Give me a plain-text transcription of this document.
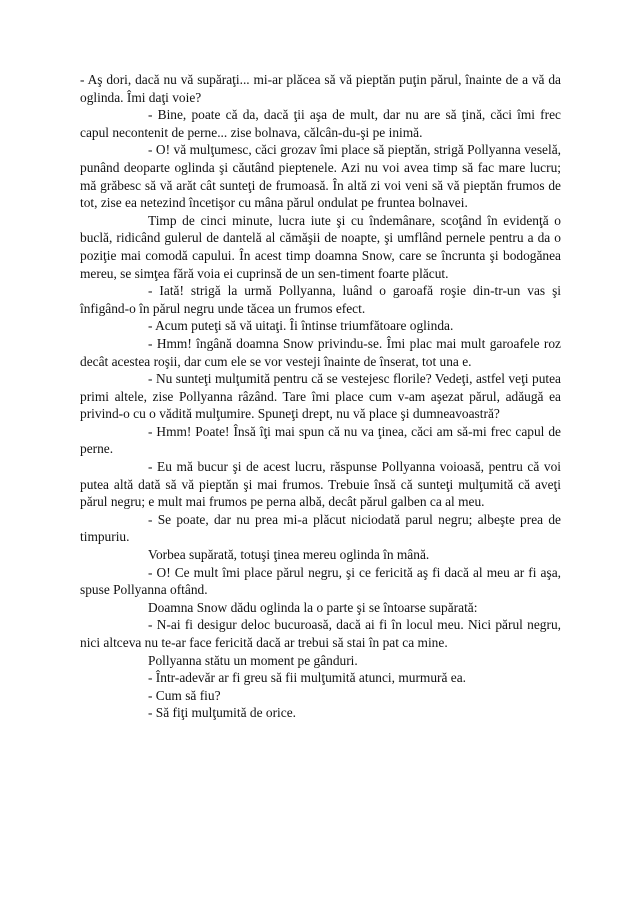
- Aş dori, dacă nu vă supăraţi... mi-ar plăcea să vă pieptăn puţin părul, înainte de a vă da oglinda. Îmi daţi voie?

- Bine, poate că da, dacă ţii aşa de mult, dar nu are să ţină, căci îmi frec capul necontenit de perne... zise bolnava, călcân-du-şi pe inimă.

- O! vă mulţumesc, căci grozav îmi place să pieptăn, strigă Pollyanna veselă, punând deoparte oglinda şi căutând pieptenele. Azi nu voi avea timp să fac mare lucru; mă grăbesc să vă arăt cât sunteţi de frumoasă. În altă zi voi veni să vă pieptăn frumos de tot, zise ea netezind încetişor cu mâna părul ondulat pe fruntea bolnavei.

Timp de cinci minute, lucra iute şi cu îndemânare, scoţând în evidenţă o buclă, ridicând gulerul de dantelă al cămăşii de noapte, şi umflând pernele pentru a da o poziţie mai comodă capului. În acest timp doamna Snow, care se încrunta şi bodogănea mereu, se simţea fără voia ei cuprinsă de un sen-timent foarte plăcut.

- Iată! strigă la urmă Pollyanna, luând o garoafă roşie din-tr-un vas şi înfigând-o în părul negru unde tăcea un frumos efect.

- Acum puteţi să vă uitaţi. Îi întinse triumfătoare oglinda.

- Hmm! îngână doamna Snow privindu-se. Îmi plac mai mult garoafele roz decât acestea roşii, dar cum ele se vor vesteji înainte de înserat, tot una e.

- Nu sunteţi mulţumită pentru că se vestejesc florile? Vedeţi, astfel veţi putea primi altele, zise Pollyanna râzând. Tare îmi place cum v-am aşezat părul, adăugă ea privind-o cu o vădită mulţumire. Spuneţi drept, nu vă place şi dumneavoastră?

- Hmm! Poate! Însă îţi mai spun că nu va ţinea, căci am să-mi frec capul de perne.

- Eu mă bucur şi de acest lucru, răspunse Pollyanna voioasă, pentru că voi putea altă dată să vă pieptăn şi mai frumos. Trebuie însă că sunteţi mulţumită că aveţi părul negru; e mult mai frumos pe perna albă, decât părul galben ca al meu.

- Se poate, dar nu prea mi-a plăcut niciodată parul negru; albeşte prea de timpuriu.

Vorbea supărată, totuşi ţinea mereu oglinda în mână.

- O! Ce mult îmi place părul negru, şi ce fericită aş fi dacă al meu ar fi aşa, spuse Pollyanna oftând.

Doamna Snow dădu oglinda la o parte şi se întoarse supărată:

- N-ai fi desigur deloc bucuroasă, dacă ai fi în locul meu. Nici părul negru, nici altceva nu te-ar face fericită dacă ar trebui să stai în pat ca mine.

Pollyanna stătu un moment pe gânduri.

- Într-adevăr ar fi greu să fii mulţumită atunci, murmură ea.

- Cum să fiu?

- Să fiţi mulţumită de orice.
